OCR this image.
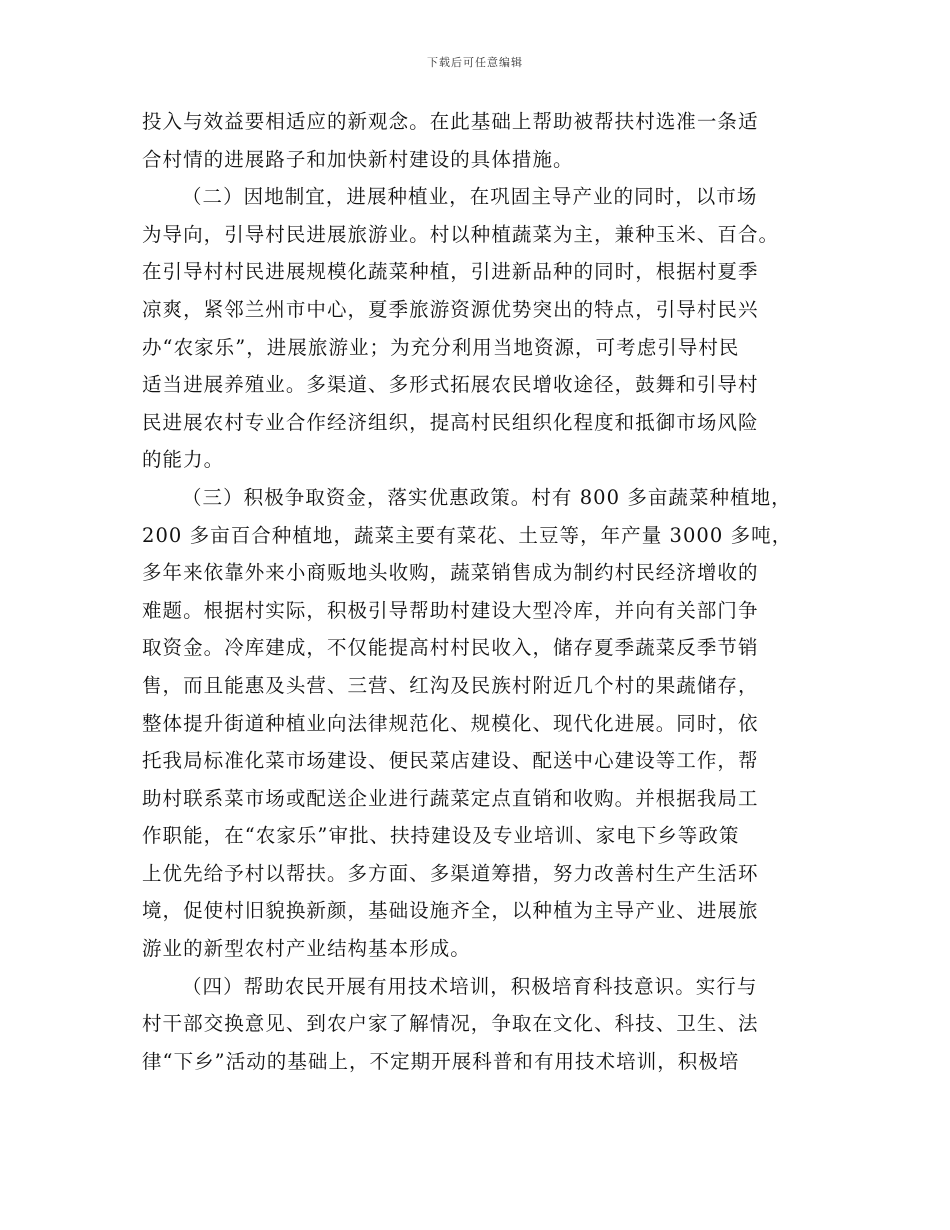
下载后可任意编辑
投入与效益要相适应的新观念。在此基础上帮助被帮扶村选准一条适
合村情的进展路子和加快新村建设的具体措施。
（二）因地制宜，进展种植业，在巩固主导产业的同时，以市场
为导向，引导村民进展旅游业。村以种植蔬菜为主，兼种玉米、百合。
在引导村村民进展规模化蔬菜种植，引进新品种的同时，根据村夏季
凉爽，紧邻兰州市中心，夏季旅游资源优势突出的特点，引导村民兴
办“农家乐”，进展旅游业；为充分利用当地资源，可考虑引导村民
适当进展养殖业。多渠道、多形式拓展农民增收途径，鼓舞和引导村
民进展农村专业合作经济组织，提高村民组织化程度和抵御市场风险
的能力。
（三）积极争取资金，落实优惠政策。村有 800 多亩蔬菜种植地，
200 多亩百合种植地，蔬菜主要有菜花、土豆等，年产量 3000 多吨，
多年来依靠外来小商贩地头收购，蔬菜销售成为制约村民经济增收的
难题。根据村实际，积极引导帮助村建设大型冷库，并向有关部门争
取资金。冷库建成，不仅能提高村村民收入，储存夏季蔬菜反季节销
售，而且能惠及头营、三营、红沟及民族村附近几个村的果蔬储存，
整体提升街道种植业向法律规范化、规模化、现代化进展。同时，依
托我局标准化菜市场建设、便民菜店建设、配送中心建设等工作，帮
助村联系菜市场或配送企业进行蔬菜定点直销和收购。并根据我局工
作职能，在“农家乐”审批、扶持建设及专业培训、家电下乡等政策
上优先给予村以帮扶。多方面、多渠道筹措，努力改善村生产生活环
境，促使村旧貌换新颜，基础设施齐全，以种植为主导产业、进展旅
游业的新型农村产业结构基本形成。
（四）帮助农民开展有用技术培训，积极培育科技意识。实行与
村干部交换意见、到农户家了解情况，争取在文化、科技、卫生、法
律“下乡”活动的基础上，不定期开展科普和有用技术培训，积极培
